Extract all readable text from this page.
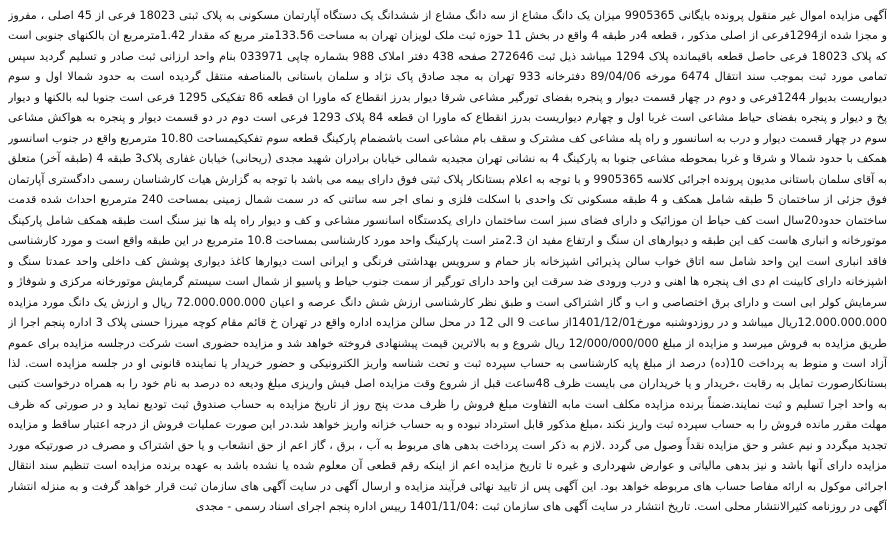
آگهی مزایده اموال غیر منقول پرونده بایگانی 9905365 میزان یک دانگ مشاع از سه دانگ مشاع از ششدانگ یک دستگاه آپارتمان مسکونی به پلاک ثبتی 18023 فرعی از 45 اصلی ، مفروز و مجزا شده از1294فرعی از اصلی مذکور ، قطعه 4در طبقه 4 واقع در بخش 11 حوزه ثبت ملک لویزان تهران به مساحت 133.56متر مربع که مقدار 1.42مترمربع ان بالکنهای جنوبی است که پلاک 18023 فرعی حاصل قطعه باقیمانده پلاک 1294 میباشد ذیل ثبت 272646 صفحه 438 دفتر املاک 988 بشماره چاپی 033971 بنام واحد ارزانی ثبت صادر و تسلیم گردید سپس تمامی مورد ثبت بموجب سند انتقال 6474 مورخه 89/04/06 دفترخانه 933 تهران به مجد صادق پاک نژاد و سلمان باستانی بالمناصفه منتقل گردیده است به حدود شمالا اول و سوم دیواریست بدیوار 1244فرعی و دوم در چهار قسمت دیوار و پنجره بفضای تورگیر مشاعی شرقا دیوار بدرز انقطاع که ماورا ان قطعه 86 تفکیکی 1295 فرعی است جنوبا لبه بالکنها و دیوار پخ و دیوار و پنجره بفضای حیاط مشاعی است غربا اول و چهارم دیواریست بدرز انقطاع که ماورا ان قطعه 84 پلاک 1293 فرعی است دوم در دو قسمت دیوار و پنجره به هواکش مشاعی سوم در چهار قسمت دیوار و درب به اسانسور و راه پله مشاعی کف مشترک و سقف بام مشاعی است باشضمام پارکینگ قطعه سوم تفکیکیمساحت 10.80 مترمربع واقع در جنوب اسانسور همکف با حدود شمالا و شرقا و غربا بمحوطه مشاعی جنوبا به پارکینگ 4 به نشانی تهران مجیدیه شمالی خیابان برادران شهید مجدی (ریحانی) خیابان غفاری پلاک3 طبقه 4 (طبقه آخر) متعلق به آقای سلمان باستانی مدیون پرونده اجرائی کلاسه 9905365 و با توجه به اعلام بستانکار پلاک ثبتی فوق دارای بیمه می باشد با توجه به گزارش هیات کارشناسان رسمی دادگستری آپارتمان فوق جزئی از ساختمان 5 طبقه شامل همکف و 4 طبقه مسکونی تک واحدی با اسکلت فلزی و نمای اجر سه ساتنی که در سمت شمال زمینی بمساحت 240 مترمربع احداث شده قدمت ساختمان حدود20سال است کف حیاط ان موزائیک و دارای فضای سبز است ساختمان دارای یکدستگاه اسانسور مشاعی و کف و دیوار راه پله ها نیز سنگ است طبقه همکف شامل پارکینگ موتورخانه و انباری هاست کف این طبقه و دیوارهای ان سنگ و ارتفاع مفید ان 2.3متر است پارکینگ واحد مورد کارشناسی بمساحت 10.8 مترمربع در این طبقه واقع است و مورد کارشناسی فاقد انباری است این واحد شامل سه اتاق خواب سالن پذیرائی اشپزخانه باز حمام و سرویس بهداشتی فرنگی و ایرانی است دیوارها کاغذ دیواری پوشش کف داخلی واحد عمدتا سنگ و اشپزخانه دارای کابینت ام دی اف پنجره ها اهنی و درب ورودی ضد سرقت این واحد دارای تورگیر از سمت جنوب حیاط و پاسیو از شمال است سیستم گرمایش موتورخانه مرکزی و شوفاژ و سرمایش کولر ابی است و دارای برق اختصاصی و اب و گاز اشتراکی است و طبق نظر کارشناسی ارزش شش دانگ عرصه و اعیان 72.000.000.000 ریال و ارزش یک دانگ مورد مزایده 12.000.000.000ریال میباشد و در روزدوشنبه مورخ1401/12/01از ساعت 9 الی 12 در محل سالن مزایده اداره واقع در تهران خ قائم مقام کوچه میرزا حسنی پلاک 3 اداره پنجم اجرا از طریق مزایده به فروش میرسد و مزایده از مبلغ 12/000/000/000 ریال شروع و به بالاترین قیمت پیشنهادی فروخته خواهد شد و مزایده حضوری است شرکت درجلسه مزایده برای عموم آزاد است و منوط به پرداخت 10(ده) درصد از مبلغ پایه کارشناسی به حساب سپرده ثبت و تحت شناسه واریز الکترونیکی و حضور خریدار یا نماینده قانونی او در جلسه مزایده است. لذا بستانکارصورت تمایل به رقابت ،خریدار و یا خریداران می بایست ظرف 48ساعت قبل از شروع وقت مزایده اصل فیش واریزی مبلغ ودیعه ده درصد به نام خود را به همراه درخواست کتبی به واحد اجرا تسلیم و ثبت نمایند.ضمناً برنده مزایده مکلف است مابه التفاوت مبلغ فروش را ظرف مدت پنج روز از تاریخ مزایده به حساب صندوق ثبت تودیع نماید و در صورتی که ظرف مهلت مقرر مانده فروش را به حساب سپرده ثبت واریز نکند ،مبلغ مذکور قابل استرداد نبوده و به حساب خزانه واریز خواهد شد.در این صورت عملیات فروش از درجه اعتبار ساقط و مزایده تجدید میگردد و نیم عشر و حق مزایده نقداً وصول می گردد .لازم به ذکر است پرداخت بدهی های مربوط به آب ، برق ، گاز اعم از حق انشعاب و یا حق اشتراک و مصرف در صورتیکه مورد مزایده دارای آنها باشد و نیز بدهی مالیاتی و عوارض شهرداری و غیره تا تاریخ مزایده اعم از اینکه رقم قطعی آن معلوم شده یا نشده باشد به عهده برنده مزایده است تنظیم سند انتقال اجرائی موکول به ارائه مفاصا حساب های مربوطه خواهد بود. این آگهی پس از تایید نهائی فرآیند مزایده و ارسال آگهی در سایت آگهی های سازمان ثبت قرار خواهد گرفت و به منزله انتشار آگهی در روزنامه کثیرالانتشار محلی است. تاریخ انتشار در سایت آگهی های سازمان ثبت :1401/11/04 رییس اداره پنجم اجرای اسناد رسمی - مجدی
